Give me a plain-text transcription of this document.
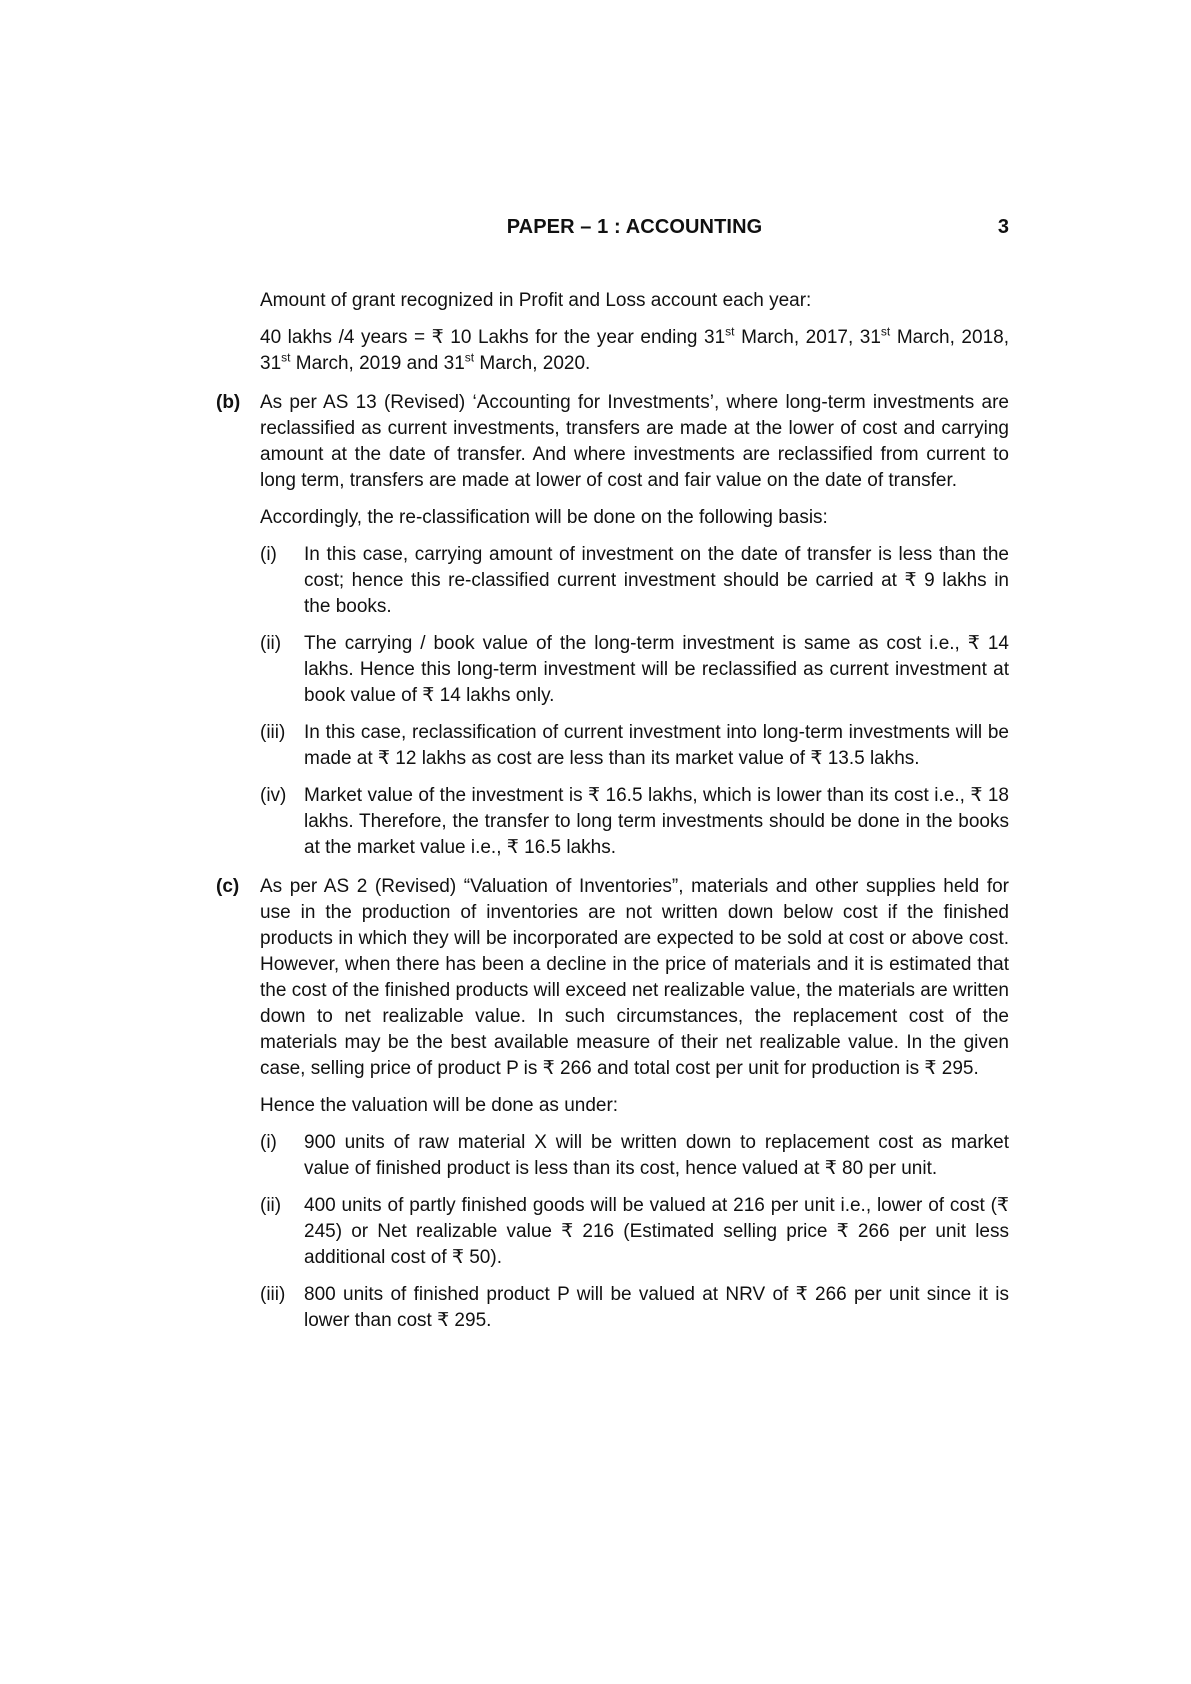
PAPER – 1 : ACCOUNTING	3

Amount of grant recognized in Profit and Loss account each year:

40 lakhs /4 years = ₹ 10 Lakhs for the year ending 31st March, 2017, 31st March, 2018, 31st March, 2019 and 31st March, 2020.

(b)	As per AS 13 (Revised) ‘Accounting for Investments’, where long-term investments are reclassified as current investments, transfers are made at the lower of cost and carrying amount at the date of transfer. And where investments are reclassified from current to long term, transfers are made at lower of cost and fair value on the date of transfer.

Accordingly, the re-classification will be done on the following basis:

(i)	In this case, carrying amount of investment on the date of transfer is less than the cost; hence this re-classified current investment should be carried at ₹ 9 lakhs in the books.
(ii)	The carrying / book value of the long-term investment is same as cost i.e., ₹ 14 lakhs. Hence this long-term investment will be reclassified as current investment at book value of ₹ 14 lakhs only.
(iii) In this case, reclassification of current investment into long-term investments will be made at ₹ 12 lakhs as cost are less than its market value of ₹ 13.5 lakhs.
(iv) Market value of the investment is ₹ 16.5 lakhs, which is lower than its cost i.e., ₹ 18 lakhs. Therefore, the transfer to long term investments should be done in the books at the market value i.e., ₹ 16.5 lakhs.
(c)	As per AS 2 (Revised) “Valuation of Inventories”, materials and other supplies held for use in the production of inventories are not written down below cost if the finished products in which they will be incorporated are expected to be sold at cost or above cost. However, when there has been a decline in the price of materials and it is estimated that the cost of the finished products will exceed net realizable value, the materials are written down to net realizable value. In such circumstances, the replacement cost of the materials may be the best available measure of their net realizable value. In the given case, selling price of product P is ₹ 266 and total cost per unit for production is ₹ 295.

Hence the valuation will be done as under:

(i)	900 units of raw material X will be written down to replacement cost as market value of finished product is less than its cost, hence valued at ₹ 80 per unit.
(ii)	400 units of partly finished goods will be valued at 216 per unit i.e., lower of cost (₹ 245) or Net realizable value ₹ 216 (Estimated selling price ₹ 266 per unit less additional cost of ₹ 50).
(iii) 800 units of finished product P will be valued at NRV of ₹ 266 per unit since it is lower than cost ₹ 295.
